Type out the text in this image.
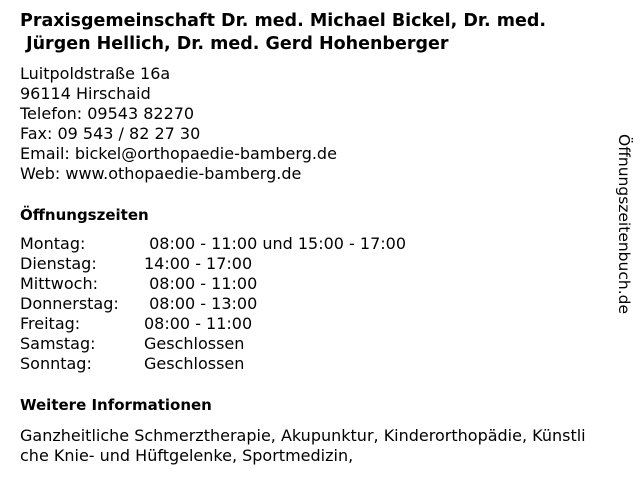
Praxisgemeinschaft Dr. med. Michael Bickel, Dr. med.
Jürgen Hellich, Dr. med. Gerd Hohenberger
Luitpoldstraße 16a
96114 Hirschaid
Telefon: 09543 82270
Fax: 09 543 / 82 27 30
Email: bickel@orthopaedie-bamberg.de
Web: www.othopaedie-bamberg.de
Öffnungszeiten
Montag:	08:00 - 11:00 und 15:00 - 17:00
Dienstag:	14:00 - 17:00
Mittwoch:	08:00 - 11:00
Donnerstag:	08:00 - 13:00
Freitag:	08:00 - 11:00
Samstag:	Geschlossen
Sonntag:	Geschlossen
Weitere Informationen
Ganzheitliche Schmerztherapie, Akupunktur, Kinderorthopädie, Künstli
che Knie- und Hüftgelenke, Sportmedizin,
Öffnungszeitenbuch.de
